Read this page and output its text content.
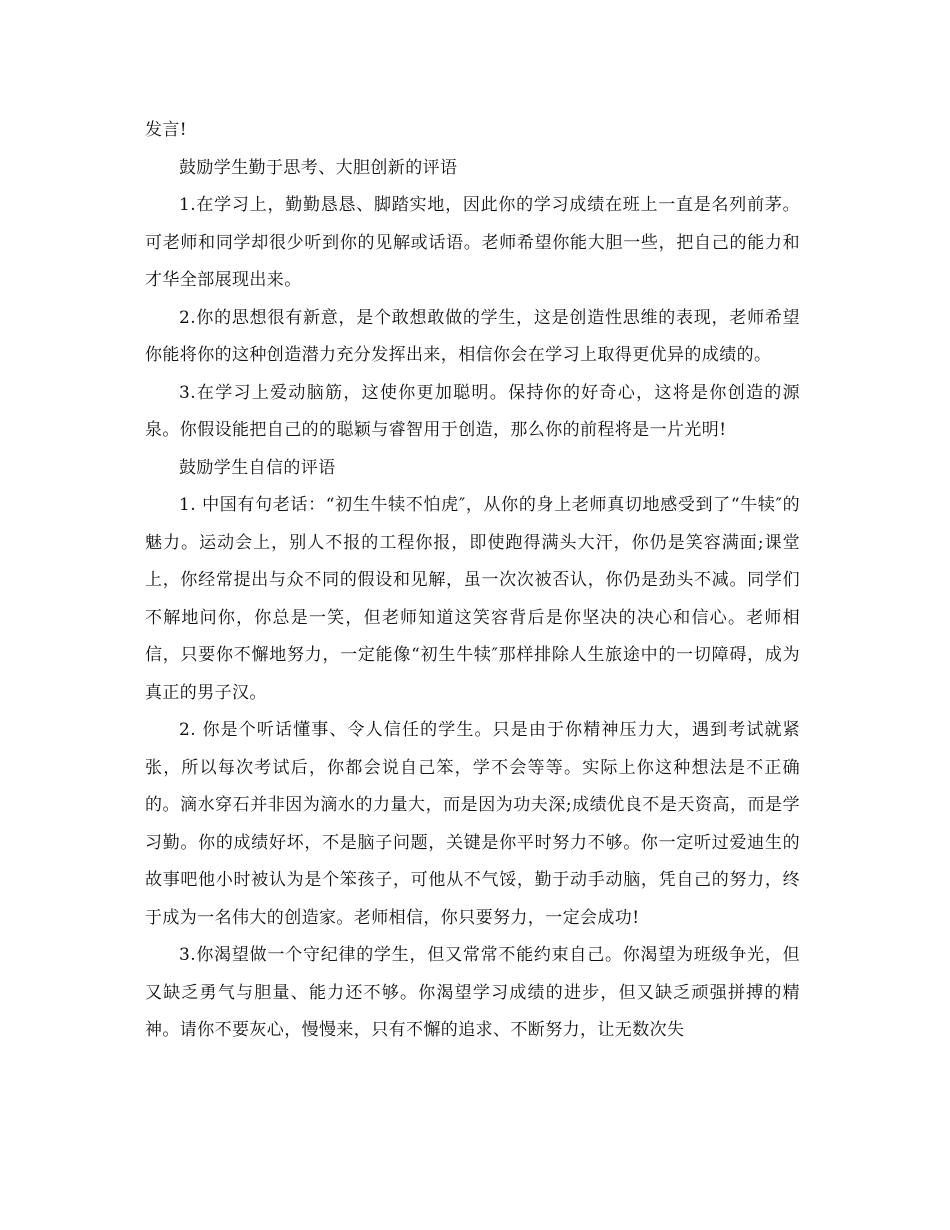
发言!

鼓励学生勤于思考、大胆创新的评语

1.在学习上，勤勤恳恳、脚踏实地，因此你的学习成绩在班上一直是名列前茅。可老师和同学却很少听到你的见解或话语。老师希望你能大胆一些，把自己的能力和才华全部展现出来。

2.你的思想很有新意，是个敢想敢做的学生，这是创造性思维的表现，老师希望你能将你的这种创造潜力充分发挥出来，相信你会在学习上取得更优异的成绩的。

3.在学习上爱动脑筋，这使你更加聪明。保持你的好奇心，这将是你创造的源泉。你假设能把自己的的聪颖与睿智用于创造，那么你的前程将是一片光明!

鼓励学生自信的评语

1. 中国有句老话：“初生牛犊不怕虎″，从你的身上老师真切地感受到了“牛犊″的魅力。运动会上，别人不报的工程你报，即使跑得满头大汗，你仍是笑容满面;课堂上，你经常提出与众不同的假设和见解，虽一次次被否认，你仍是劲头不减。同学们不解地问你，你总是一笑，但老师知道这笑容背后是你坚决的决心和信心。老师相信，只要你不懈地努力，一定能像“初生牛犊″那样排除人生旅途中的一切障碍，成为真正的男子汉。

2. 你是个听话懂事、令人信任的学生。只是由于你精神压力大，遇到考试就紧张，所以每次考试后，你都会说自己笨，学不会等等。实际上你这种想法是不正确的。滴水穿石并非因为滴水的力量大，而是因为功夫深;成绩优良不是天资高，而是学习勤。你的成绩好坏，不是脑子问题，关键是你平时努力不够。你一定听过爱迪生的故事吧他小时被认为是个笨孩子，可他从不气馁，勤于动手动脑，凭自己的努力，终于成为一名伟大的创造家。老师相信，你只要努力，一定会成功!

3.你渴望做一个守纪律的学生，但又常常不能约束自己。你渴望为班级争光，但又缺乏勇气与胆量、能力还不够。你渴望学习成绩的进步，但又缺乏顽强拼搏的精神。请你不要灰心，慢慢来，只有不懈的追求、不断努力，让无数次失
